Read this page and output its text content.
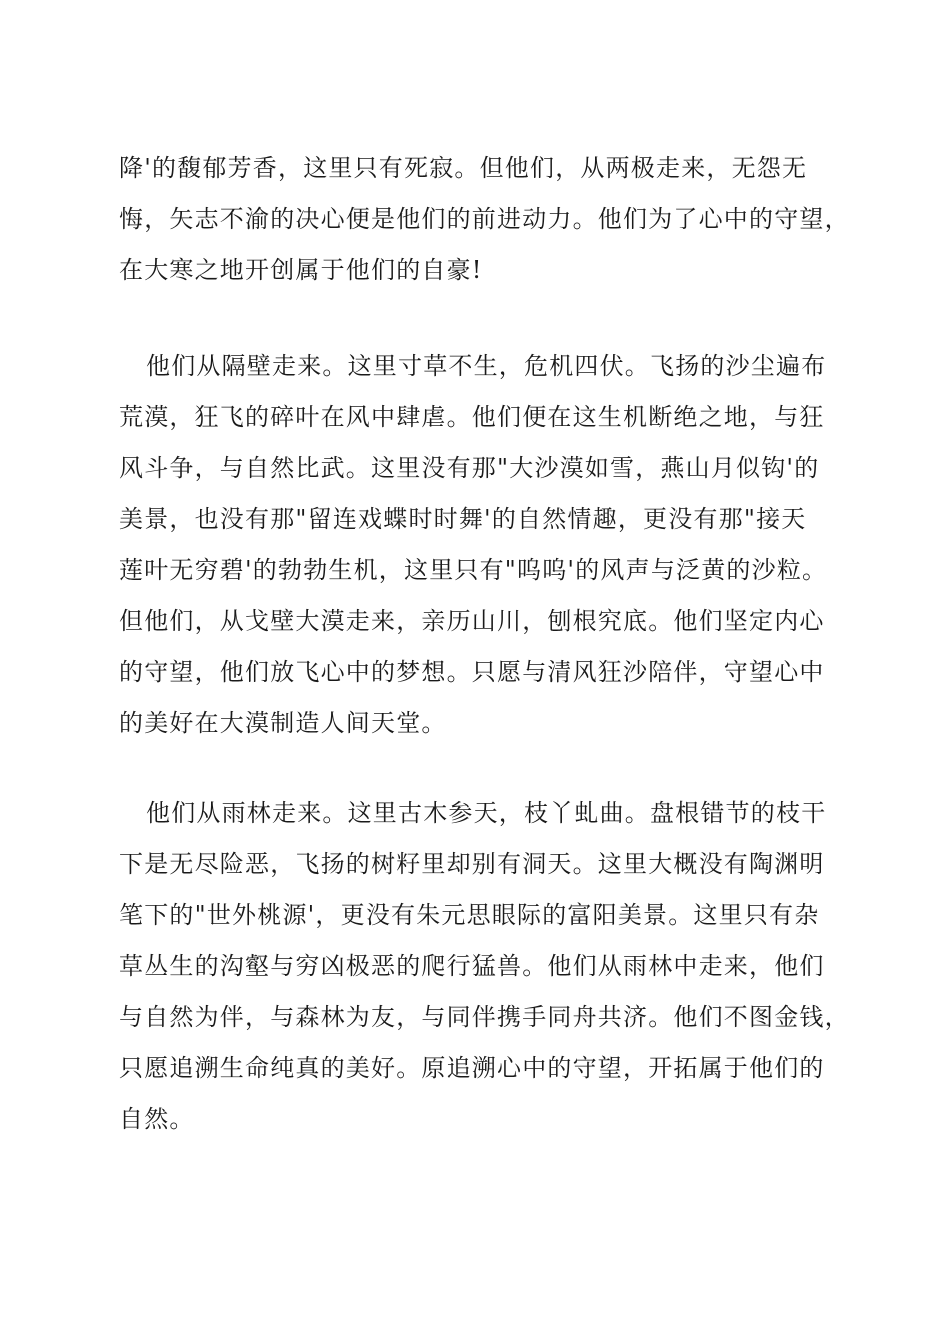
降'的馥郁芳香，这里只有死寂。但他们，从两极走来，无怨无
悔，矢志不渝的决心便是他们的前进动力。他们为了心中的守望，
在大寒之地开创属于他们的自豪!
他们从隔壁走来。这里寸草不生，危机四伏。飞扬的沙尘遍布
荒漠，狂飞的碎叶在风中肆虐。他们便在这生机断绝之地，与狂
风斗争，与自然比武。这里没有那"大沙漠如雪，燕山月似钩'的
美景，也没有那"留连戏蝶时时舞'的自然情趣，更没有那"接天
莲叶无穷碧'的勃勃生机，这里只有"呜呜'的风声与泛黄的沙粒。
但他们，从戈壁大漠走来，亲历山川，刨根究底。他们坚定内心
的守望，他们放飞心中的梦想。只愿与清风狂沙陪伴，守望心中
的美好在大漠制造人间天堂。
他们从雨林走来。这里古木参天，枝丫虬曲。盘根错节的枝干
下是无尽险恶，飞扬的树籽里却别有洞天。这里大概没有陶渊明
笔下的"世外桃源'，更没有朱元思眼际的富阳美景。这里只有杂
草丛生的沟壑与穷凶极恶的爬行猛兽。他们从雨林中走来，他们
与自然为伴，与森林为友，与同伴携手同舟共济。他们不图金钱，
只愿追溯生命纯真的美好。原追溯心中的守望，开拓属于他们的
自然。
